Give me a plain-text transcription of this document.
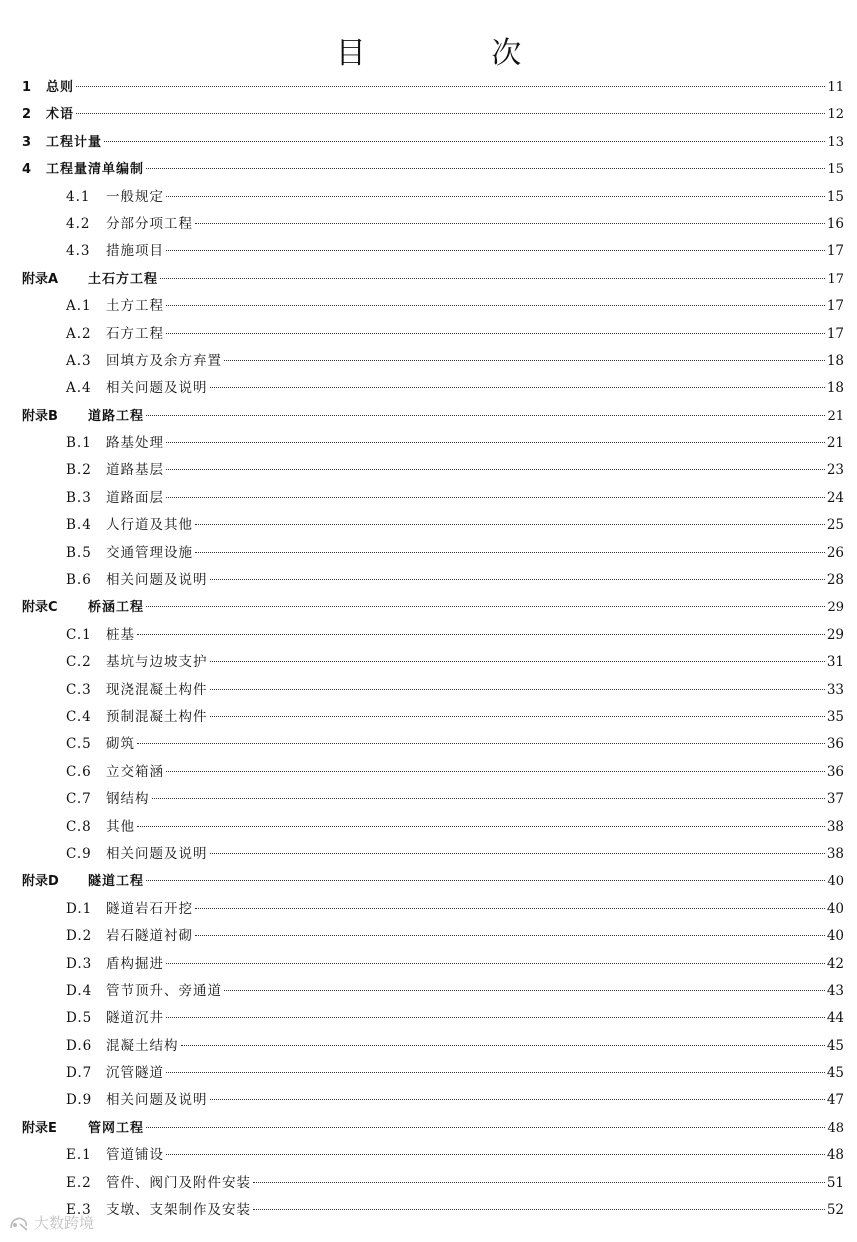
目 次
1	总则	11
2	术语	12
3	工程计量	13
4	工程量清单编制	15
4.1	一般规定	15
4.2	分部分项工程	16
4.3	措施项目	17
附录A	土石方工程	17
A.1	土方工程	17
A.2	石方工程	17
A.3	回填方及余方弃置	18
A.4	相关问题及说明	18
附录B	道路工程	21
B.1	路基处理	21
B.2	道路基层	23
B.3	道路面层	24
B.4	人行道及其他	25
B.5	交通管理设施	26
B.6	相关问题及说明	28
附录C	桥涵工程	29
C.1	桩基	29
C.2	基坑与边坡支护	31
C.3	现浇混凝土构件	33
C.4	预制混凝土构件	35
C.5	砌筑	36
C.6	立交箱涵	36
C.7	钢结构	37
C.8	其他	38
C.9	相关问题及说明	38
附录D	隧道工程	40
D.1	隧道岩石开挖	40
D.2	岩石隧道衬砌	40
D.3	盾构掘进	42
D.4	管节顶升、旁通道	43
D.5	隧道沉井	44
D.6	混凝土结构	45
D.7	沉管隧道	45
D.9	相关问题及说明	47
附录E	管网工程	48
E.1	管道铺设	48
E.2	管件、阀门及附件安装	51
E.3	支墩、支架制作及安装	52
大数跨境
